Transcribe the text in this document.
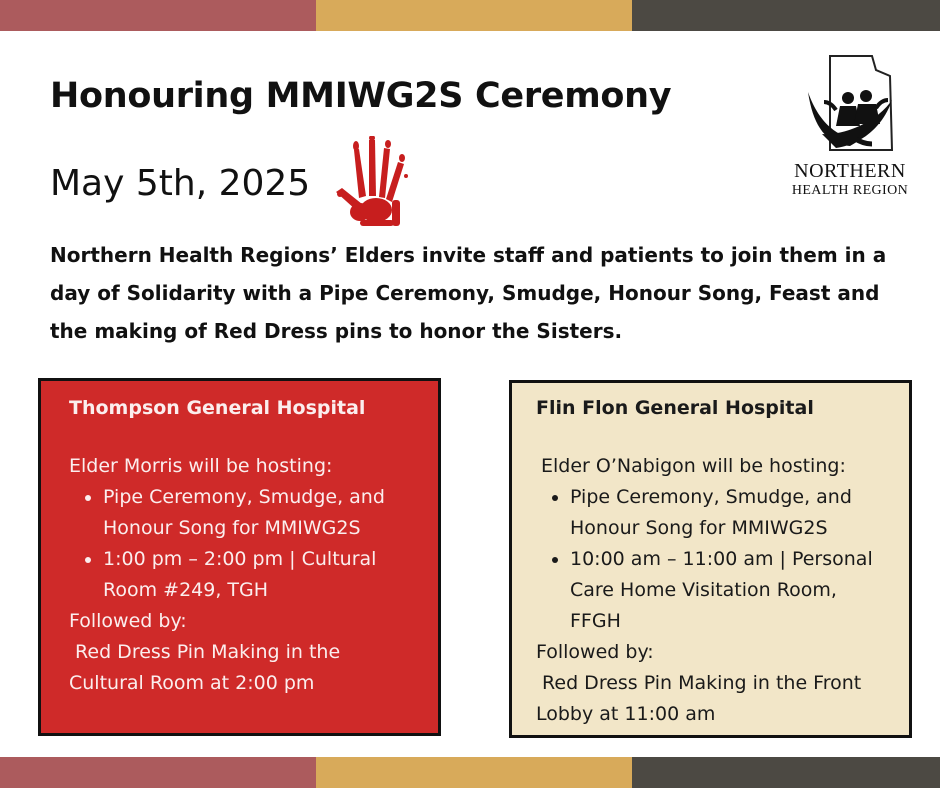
Honouring MMIWG2S Ceremony
May 5th, 2025	NORTHERN
HEALTH REGION

Northern Health Regions’ Elders invite staff and patients to join them in a day of Solidarity with a Pipe Ceremony, Smudge, Honour Song, Feast and the making of Red Dress pins to honor the Sisters.

Thompson General Hospital

Elder Morris will be hosting:

• Pipe Ceremony, Smudge, and Honour Song for MMIWG2S
• 1:00 pm – 2:00 pm | Cultural Room #249, TGH

Followed by:

Red Dress Pin Making in the Cultural Room at 2:00 pm

Flin Flon General Hospital

Elder O’Nabigon will be hosting:

• Pipe Ceremony, Smudge, and Honour Song for MMIWG2S
• 10:00 am – 11:00 am | Personal Care Home Visitation Room, FFGH

Followed by:

Red Dress Pin Making in the Front Lobby at 11:00 am
